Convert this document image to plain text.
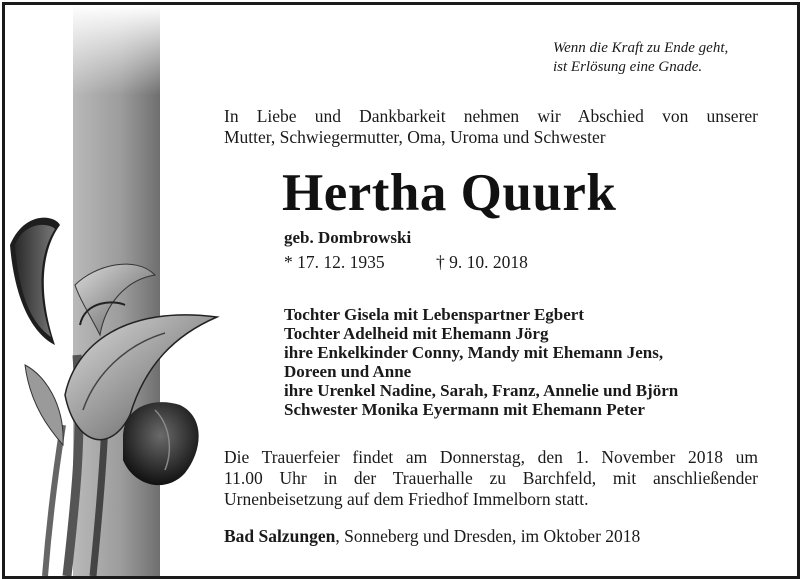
Wenn die Kraft zu Ende geht,
ist Erlösung eine Gnade.
In Liebe und Dankbarkeit nehmen wir Abschied von unserer
Mutter, Schwiegermutter, Oma, Uroma und Schwester
Hertha Quurk
geb. Dombrowski
* 17. 12. 1935	† 9. 10. 2018
Tochter Gisela mit Lebenspartner Egbert
Tochter Adelheid mit Ehemann Jörg
ihre Enkelkinder Conny, Mandy mit Ehemann Jens,
Doreen und Anne
ihre Urenkel Nadine, Sarah, Franz, Annelie und Björn
Schwester Monika Eyermann mit Ehemann Peter
Die Trauerfeier findet am Donnerstag, den 1. November 2018 um
11.00 Uhr in der Trauerhalle zu Barchfeld, mit anschließender
Urnenbeisetzung auf dem Friedhof Immelborn statt.
Bad Salzungen, Sonneberg und Dresden, im Oktober 2018
